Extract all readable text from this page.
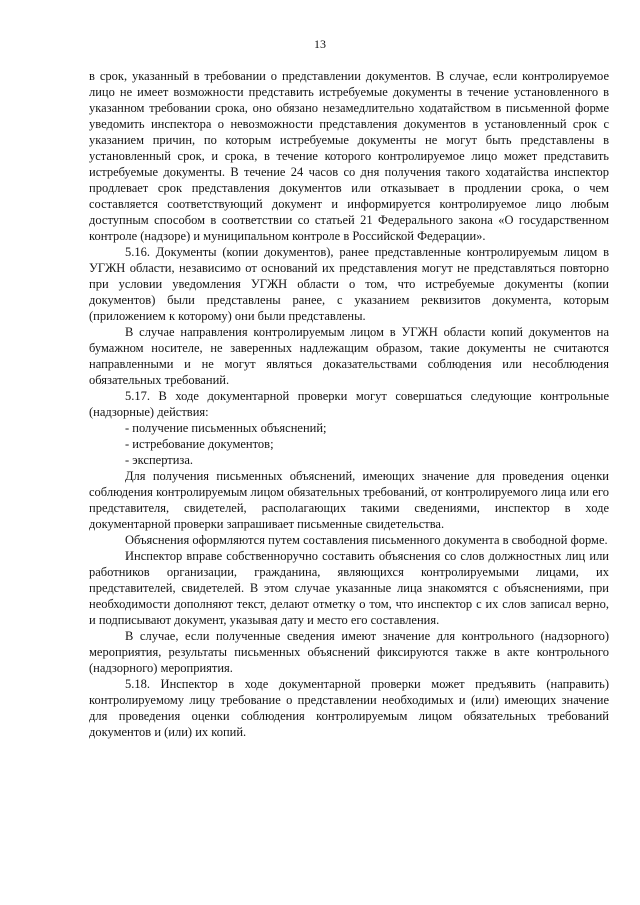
13

в срок, указанный в требовании о представлении документов. В случае, если контролируемое лицо не имеет возможности представить истребуемые документы в течение установленного в указанном требовании срока, оно обязано незамедлительно ходатайством в письменной форме уведомить инспектора о невозможности представления документов в установленный срок с указанием причин, по которым истребуемые документы не могут быть представлены в установленный срок, и срока, в течение которого контролируемое лицо может представить истребуемые документы. В течение 24 часов со дня получения такого ходатайства инспектор продлевает срок представления документов или отказывает в продлении срока, о чем составляется соответствующий документ и информируется контролируемое лицо любым доступным способом в соответствии со статьей 21 Федерального закона «О государственном контроле (надзоре) и муниципальном контроле в Российской Федерации».

5.16. Документы (копии документов), ранее представленные контролируемым лицом в УГЖН области, независимо от оснований их представления могут не представляться повторно при условии уведомления УГЖН области о том, что истребуемые документы (копии документов) были представлены ранее, с указанием реквизитов документа, которым (приложением к которому) они были представлены.

В случае направления контролируемым лицом в УГЖН области копий документов на бумажном носителе, не заверенных надлежащим образом, такие документы не считаются направленными и не могут являться доказательствами соблюдения или несоблюдения обязательных требований.

5.17. В ходе документарной проверки могут совершаться следующие контрольные (надзорные) действия:

- получение письменных объяснений;

- истребование документов;

- экспертиза.

Для получения письменных объяснений, имеющих значение для проведения оценки соблюдения контролируемым лицом обязательных требований, от контролируемого лица или его представителя, свидетелей, располагающих такими сведениями, инспектор в ходе документарной проверки запрашивает письменные свидетельства.

Объяснения оформляются путем составления письменного документа в свободной форме.

Инспектор вправе собственноручно составить объяснения со слов должностных лиц или работников организации, гражданина, являющихся контролируемыми лицами, их представителей, свидетелей. В этом случае указанные лица знакомятся с объяснениями, при необходимости дополняют текст, делают отметку о том, что инспектор с их слов записал верно, и подписывают документ, указывая дату и место его составления.

В случае, если полученные сведения имеют значение для контрольного (надзорного) мероприятия, результаты письменных объяснений фиксируются также в акте контрольного (надзорного) мероприятия.

5.18. Инспектор в ходе документарной проверки может предъявить (направить) контролируемому лицу требование о представлении необходимых и (или) имеющих значение для проведения оценки соблюдения контролируемым лицом обязательных требований документов и (или) их копий.
